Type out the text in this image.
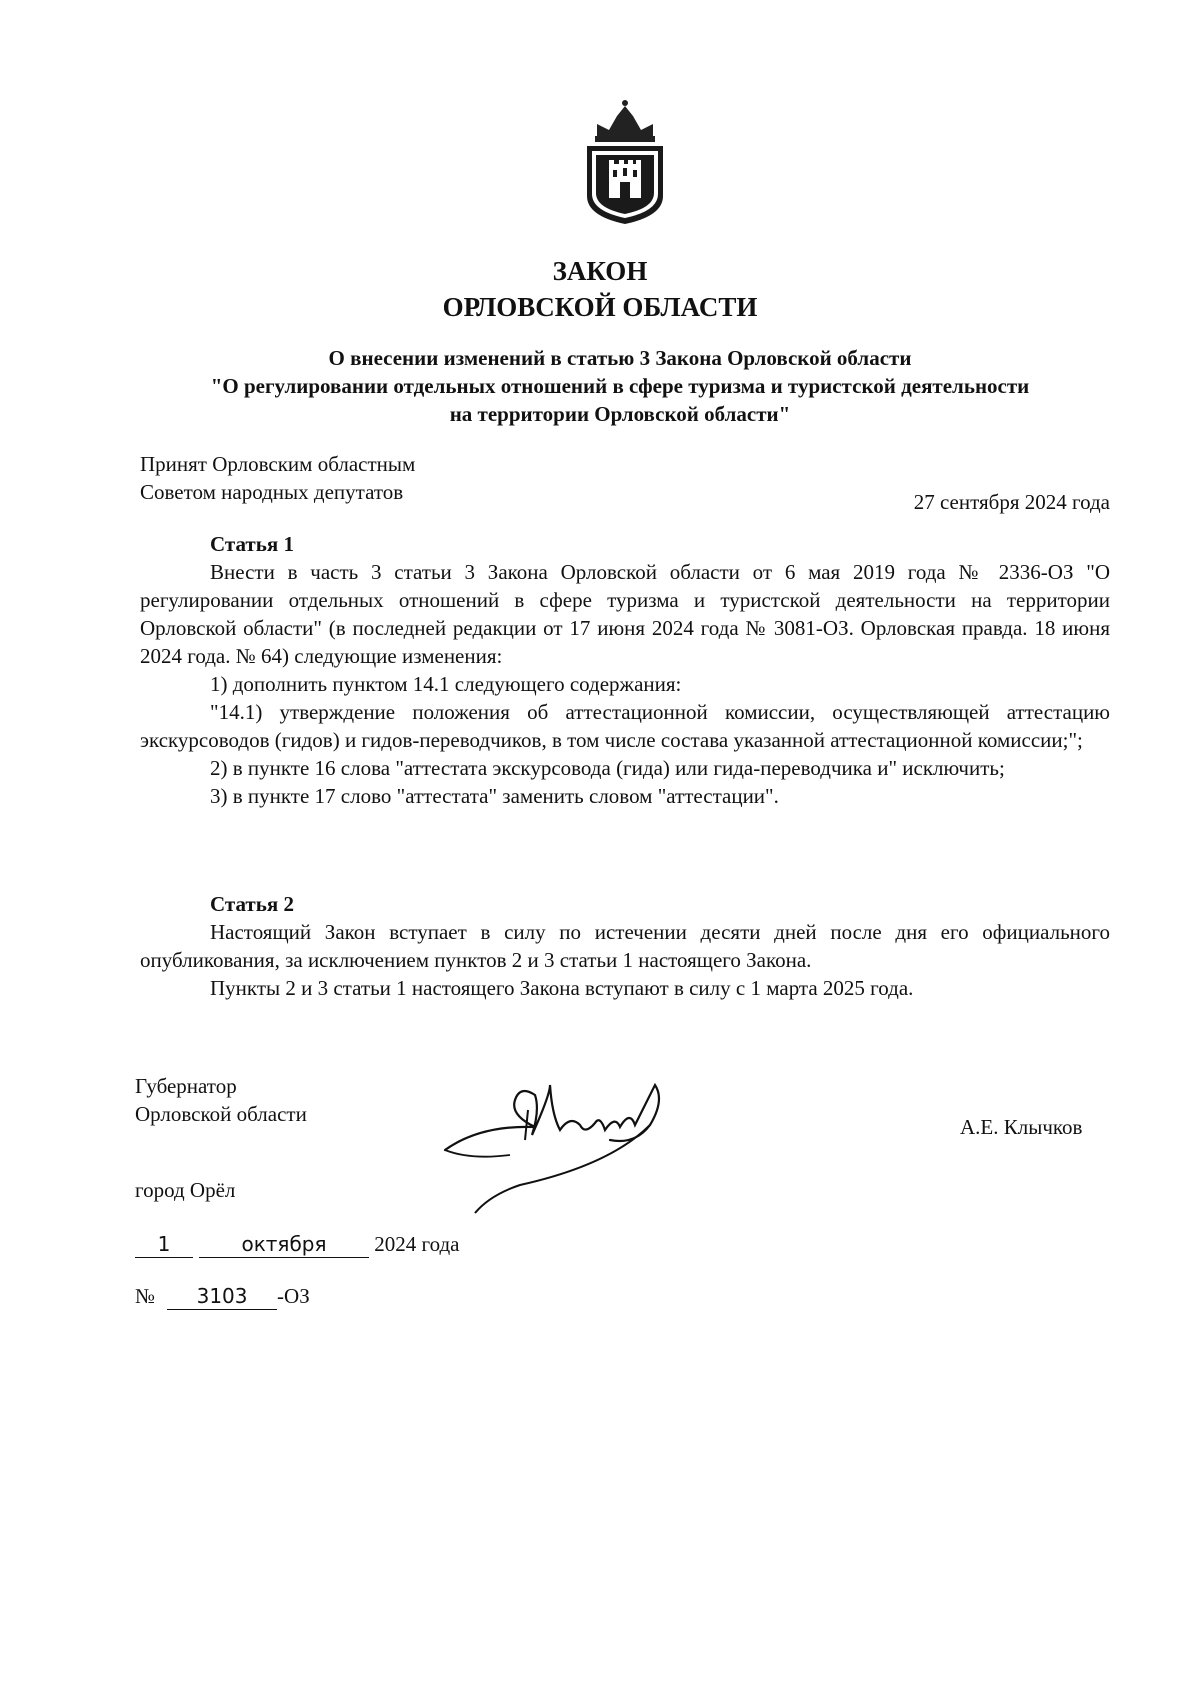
ЗАКОН
ОРЛОВСКОЙ ОБЛАСТИ
О внесении изменений в статью 3 Закона Орловской области
"О регулировании отдельных отношений в сфере туризма и туристской деятельности
на территории Орловской области"
Принят Орловским областным
Советом народных депутатов	27 сентября 2024 года

Статья 1

Внести в часть 3 статьи 3 Закона Орловской области от 6 мая 2019 года № 2336-ОЗ "О регулировании отдельных отношений в сфере туризма и туристской деятельности на территории Орловской области" (в последней редакции от 17 июня 2024 года № 3081-ОЗ. Орловская правда. 18 июня 2024 года. № 64) следующие изменения:

1) дополнить пунктом 14.1 следующего содержания:

"14.1) утверждение положения об аттестационной комиссии, осуществляющей аттестацию экскурсоводов (гидов) и гидов-переводчиков, в том числе состава указанной аттестационной комиссии;";

2) в пункте 16 слова "аттестата экскурсовода (гида) или гида-переводчика и" исключить;

3) в пункте 17 слово "аттестата" заменить словом "аттестации".

Статья 2

Настоящий Закон вступает в силу по истечении десяти дней после дня его официального опубликования, за исключением пунктов 2 и 3 статьи 1 настоящего Закона.

Пункты 2 и 3 статьи 1 настоящего Закона вступают в силу с 1 марта 2025 года.

Губернатор
Орловской области
А.Е. Клычков
город Орёл
1	октября 2024 года
№ 3103 -ОЗ
